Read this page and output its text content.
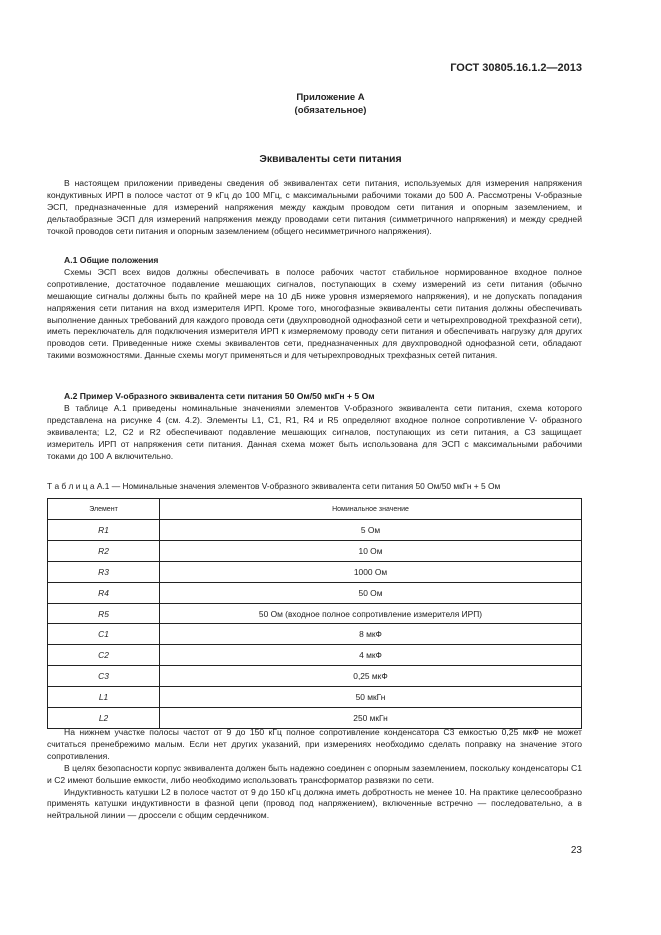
ГОСТ 30805.16.1.2—2013
Приложение А
(обязательное)
Эквиваленты сети питания

В настоящем приложении приведены сведения об эквивалентах сети питания, используемых для измерения напряжения кондуктивных ИРП в полосе частот от 9 кГц до 100 МГц, с максимальными рабочими токами до 500 А. Рассмотрены V-образные ЭСП, предназначенные для измерений напряжения между каждым проводом сети питания и опорным заземлением, и дельтаобразные ЭСП для измерений напряжения между проводами сети питания (симметричного напряжения) и между средней точкой проводов сети питания и опорным заземлением (общего несимметричного напряжения).

А.1 Общие положения

Схемы ЭСП всех видов должны обеспечивать в полосе рабочих частот стабильное нормированное входное полное сопротивление, достаточное подавление мешающих сигналов, поступающих в схему измерений из сети питания (обычно мешающие сигналы должны быть по крайней мере на 10 дБ ниже уровня измеряемого напряжения), и не допускать попадания напряжения сети питания на вход измерителя ИРП. Кроме того, многофазные эквиваленты сети питания должны обеспечивать выполнение данных требований для каждого провода сети (двухпроводной однофазной сети и четырехпроводной трехфазной сети), иметь переключатель для подключения измерителя ИРП к измеряемому проводу сети питания и обеспечивать нагрузку для других проводов сети. Приведенные ниже схемы эквивалентов сети, предназначенных для двухпроводной однофазной сети, обладают такими возможностями. Данные схемы могут применяться и для четырехпроводных трехфазных сетей питания.

А.2 Пример V-образного эквивалента сети питания 50 Ом/50 мкГн + 5 Ом

В таблице А.1 приведены номинальные значениями элементов V-образного эквивалента сети питания, схема которого представлена на рисунке 4 (см. 4.2). Элементы L1, C1, R1, R4 и R5 определяют входное полное сопротивление V- образного эквивалента; L2, C2 и R2 обеспечивают подавление мешающих сигналов, поступающих из сети питания, а C3 защищает измеритель ИРП от напряжения сети питания. Данная схема может быть использована для ЭСП с максимальными рабочими токами до 100 А включительно.

Т а б л и ц а А.1 — Номинальные значения элементов V-образного эквивалента сети питания 50 Ом/50 мкГн + 5 Ом
Элемент	Номинальное значение
R1	5 Ом
R2	10 Ом
R3	1000 Ом
R4	50 Ом
R5	50 Ом (входное полное сопротивление измерителя ИРП)
C1	8 мкФ
C2	4 мкФ
C3	0,25 мкФ
L1	50 мкГн
L2	250 мкГн

На нижнем участке полосы частот от 9 до 150 кГц полное сопротивление конденсатора C3 емкостью 0,25 мкФ не может считаться пренебрежимо малым. Если нет других указаний, при измерениях необходимо сделать поправку на значение этого сопротивления.

В целях безопасности корпус эквивалента должен быть надежно соединен с опорным заземлением, поскольку конденсаторы C1 и C2 имеют большие емкости, либо необходимо использовать трансформатор развязки по сети.

Индуктивность катушки L2 в полосе частот от 9 до 150 кГц должна иметь добротность не менее 10. На практике целесообразно применять катушки индуктивности в фазной цепи (провод под напряжением), включенные встречно — последовательно, а в нейтральной линии — дроссели с общим сердечником.

23
